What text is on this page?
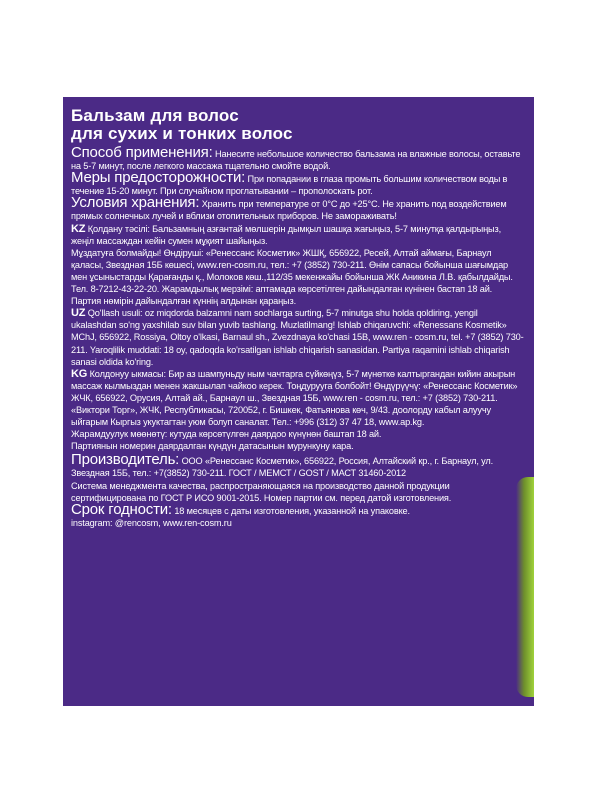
Бальзам для волос
для сухих и тонких волос

Способ применения: Нанесите небольшое количество бальзама на влажные волосы, оставьте на 5-7 минут, после легкого массажа тщательно смойте водой.

Меры предосторожности: При попадании в глаза промыть большим количеством воды в течение 15-20 минут. При случайном проглатывании – прополоскать рот.

Условия хранения: Хранить при температуре от 0°С до +25°С. Не хранить под воздействием прямых солнечных лучей и вблизи отопительных приборов. Не замораживать!

KZ Қолдану тәсілі: Бальзамның азғантай мөлшерін дымқыл шашқа жағыңыз, 5-7 минутқа қалдырыңыз, жеңіл массаждан кейін сумен мұқият шайыңыз.

Мұздатуға болмайды! Өндіруші: «Ренессанс Косметик» ЖШҚ, 656922, Ресей, Алтай аймағы, Барнаул қаласы, Звездная 15Б көшесі, www.ren-cosm.ru, тел.: +7 (3852) 730-211. Өнім сапасы бойынша шағымдар мен ұсыныстарды Қарағанды қ., Молоков көш.,112/35 мекенжайы бойынша ЖК Аникина Л.В. қабылдайды. Тел. 8-7212-43-22-20. Жарамдылық мерзімі: аптамада көрсетілген дайындалған күнінен бастап 18 ай. Партия нөмірін дайындалған күннің алдынан қараңыз.

UZ Qo'llash usuli: oz miqdorda balzamni nam sochlarga surting, 5-7 minutga shu holda qoldiring, yengil ukalashdan so'ng yaxshilab suv bilan yuvib tashlang. Muzlatilmang! Ishlab chiqaruvchi: «Renessans Kosmetik» MChJ, 656922, Rossiya, Oltoy o'lkasi, Barnaul sh., Zvezdnaya ko'chasi 15B, www.ren - cosm.ru, tel. +7 (3852) 730-211. Yaroqlilik muddati: 18 oy, qadoqda ko'rsatilgan ishlab chiqarish sanasidan. Partiya raqamini ishlab chiqarish sanasi oldida ko'ring.

KG Колдонуу ыкмасы: Бир аз шампуньду ным чачтарга сүйкөңүз, 5-7 мүнөткө калтыргандан кийин акырын массаж кылмыздан менен жакшылап чайкоо керек. Тоңдурууга болбойт! Өндүрүүчү: «Ренессанс Косметик» ЖЧК, 656922, Орусия, Алтай ай., Барнаул ш., Звездная 15Б, www.ren - cosm.ru, тел.: +7 (3852) 730-211. «Виктори Торг», ЖЧК, Республикасы, 720052, г. Бишкек, Фатьянова көч, 9/43. доолорду кабыл алуучу ыйгарым Кыргыз укуктагтан уюм болуп саналат. Тел.: +996 (312) 37 47 18, www.ap.kg.

Жарамдуулук мөөнөтү: кутуда көрсөтүлгөн даярдоо күнүнөн баштап 18 ай.

Партиянын номерин даярдалган күндүн датасынын мурункуну кара.

Производитель: ООО «Ренессанс Косметик», 656922, Россия, Алтайский кр., г. Барнаул, ул. Звездная 15Б, тел.: +7(3852) 730-211. ГОСТ / МЕМСТ / GOST / МАСТ 31460-2012

Система менеджмента качества, распространяющаяся на производство данной продукции сертифицирована по ГОСТ Р ИСО 9001-2015. Номер партии см. перед датой изготовления.

Срок годности: 18 месяцев с даты изготовления, указанной на упаковке.

instagram: @rencosm, www.ren-cosm.ru
